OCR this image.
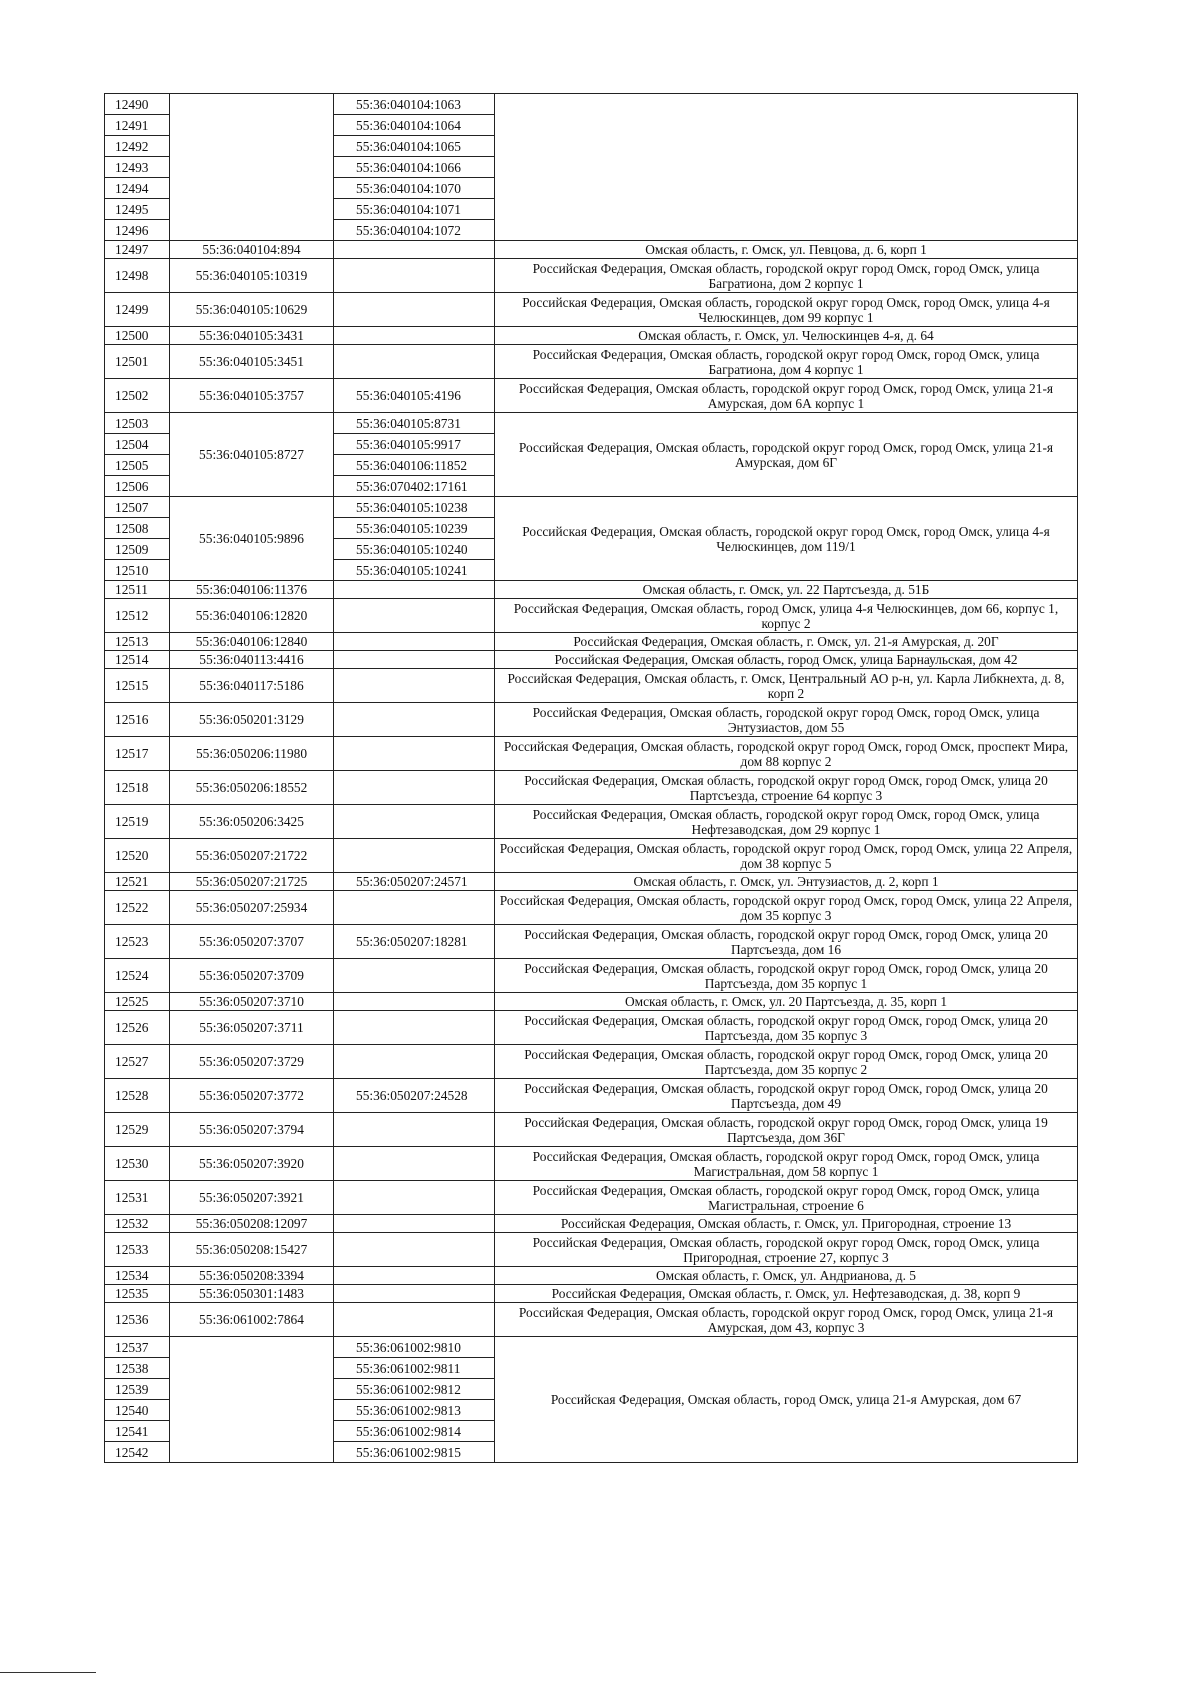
12490		55:36:040104:1063	
12491		55:36:040104:1064	
12492		55:36:040104:1065	
12493		55:36:040104:1066	
12494		55:36:040104:1070	
12495		55:36:040104:1071	
12496		55:36:040104:1072	
12497	55:36:040104:894		Омская область, г. Омск, ул. Певцова, д. 6, корп 1
12498	55:36:040105:10319		Российская Федерация, Омская область, городской округ город Омск, город Омск, улица Багратиона, дом 2 корпус 1
12499	55:36:040105:10629		Российская Федерация, Омская область, городской округ город Омск, город Омск, улица 4-я Челюскинцев, дом 99 корпус 1
12500	55:36:040105:3431		Омская область, г. Омск, ул. Челюскинцев 4-я, д. 64
12501	55:36:040105:3451		Российская Федерация, Омская область, городской округ город Омск, город Омск, улица Багратиона, дом 4 корпус 1
12502	55:36:040105:3757	55:36:040105:4196	Российская Федерация, Омская область, городской округ город Омск, город Омск, улица 21-я Амурская, дом 6А корпус 1
12503	55:36:040105:8727	55:36:040105:8731	Российская Федерация, Омская область, городской округ город Омск, город Омск, улица 21-я Амурская, дом 6Г
12504		55:36:040105:9917	
12505		55:36:040106:11852	
12506		55:36:070402:17161	
12507	55:36:040105:9896	55:36:040105:10238	Российская Федерация, Омская область, городской округ город Омск, город Омск, улица 4-я Челюскинцев, дом 119/1
12508		55:36:040105:10239	
12509		55:36:040105:10240	
12510		55:36:040105:10241	
12511	55:36:040106:11376		Омская область, г. Омск, ул. 22 Партсъезда, д. 51Б
12512	55:36:040106:12820		Российская Федерация, Омская область, город Омск, улица 4-я Челюскинцев, дом 66, корпус 1, корпус 2
12513	55:36:040106:12840		Российская Федерация, Омская область, г. Омск, ул. 21-я Амурская, д. 20Г
12514	55:36:040113:4416		Российская Федерация, Омская область, город Омск, улица Барнаульская, дом 42
12515	55:36:040117:5186		Российская Федерация, Омская область, г. Омск, Центральный АО р-н, ул. Карла Либкнехта, д. 8, корп 2
12516	55:36:050201:3129		Российская Федерация, Омская область, городской округ город Омск, город Омск, улица Энтузиастов, дом 55
12517	55:36:050206:11980		Российская Федерация, Омская область, городской округ город Омск, город Омск, проспект Мира, дом 88 корпус 2
12518	55:36:050206:18552		Российская Федерация, Омская область, городской округ город Омск, город Омск, улица 20 Партсъезда, строение 64 корпус 3
12519	55:36:050206:3425		Российская Федерация, Омская область, городской округ город Омск, город Омск, улица Нефтезаводская, дом 29 корпус 1
12520	55:36:050207:21722		Российская Федерация, Омская область, городской округ город Омск, город Омск, улица 22 Апреля, дом 38 корпус 5
12521	55:36:050207:21725	55:36:050207:24571	Омская область, г. Омск, ул. Энтузиастов, д. 2, корп 1
12522	55:36:050207:25934		Российская Федерация, Омская область, городской округ город Омск, город Омск, улица 22 Апреля, дом 35 корпус 3
12523	55:36:050207:3707	55:36:050207:18281	Российская Федерация, Омская область, городской округ город Омск, город Омск, улица 20 Партсъезда, дом 16
12524	55:36:050207:3709		Российская Федерация, Омская область, городской округ город Омск, город Омск, улица 20 Партсъезда, дом 35 корпус 1
12525	55:36:050207:3710		Омская область, г. Омск, ул. 20 Партсъезда, д. 35, корп 1
12526	55:36:050207:3711		Российская Федерация, Омская область, городской округ город Омск, город Омск, улица 20 Партсъезда, дом 35 корпус 3
12527	55:36:050207:3729		Российская Федерация, Омская область, городской округ город Омск, город Омск, улица 20 Партсъезда, дом 35 корпус 2
12528	55:36:050207:3772	55:36:050207:24528	Российская Федерация, Омская область, городской округ город Омск, город Омск, улица 20 Партсъезда, дом 49
12529	55:36:050207:3794		Российская Федерация, Омская область, городской округ город Омск, город Омск, улица 19 Партсъезда, дом 36Г
12530	55:36:050207:3920		Российская Федерация, Омская область, городской округ город Омск, город Омск, улица Магистральная, дом 58 корпус 1
12531	55:36:050207:3921		Российская Федерация, Омская область, городской округ город Омск, город Омск, улица Магистральная, строение 6
12532	55:36:050208:12097		Российская Федерация, Омская область, г. Омск, ул. Пригородная, строение 13
12533	55:36:050208:15427		Российская Федерация, Омская область, городской округ город Омск, город Омск, улица Пригородная, строение 27, корпус 3
12534	55:36:050208:3394		Омская область, г. Омск, ул. Андрианова, д. 5
12535	55:36:050301:1483		Российская Федерация, Омская область, г. Омск, ул. Нефтезаводская, д. 38, корп 9
12536	55:36:061002:7864		Российская Федерация, Омская область, городской округ город Омск, город Омск, улица 21-я Амурская, дом 43, корпус 3
12537		55:36:061002:9810	Российская Федерация, Омская область, город Омск, улица 21-я Амурская, дом 67
12538		55:36:061002:9811	
12539		55:36:061002:9812	
12540		55:36:061002:9813	
12541		55:36:061002:9814	
12542		55:36:061002:9815	
